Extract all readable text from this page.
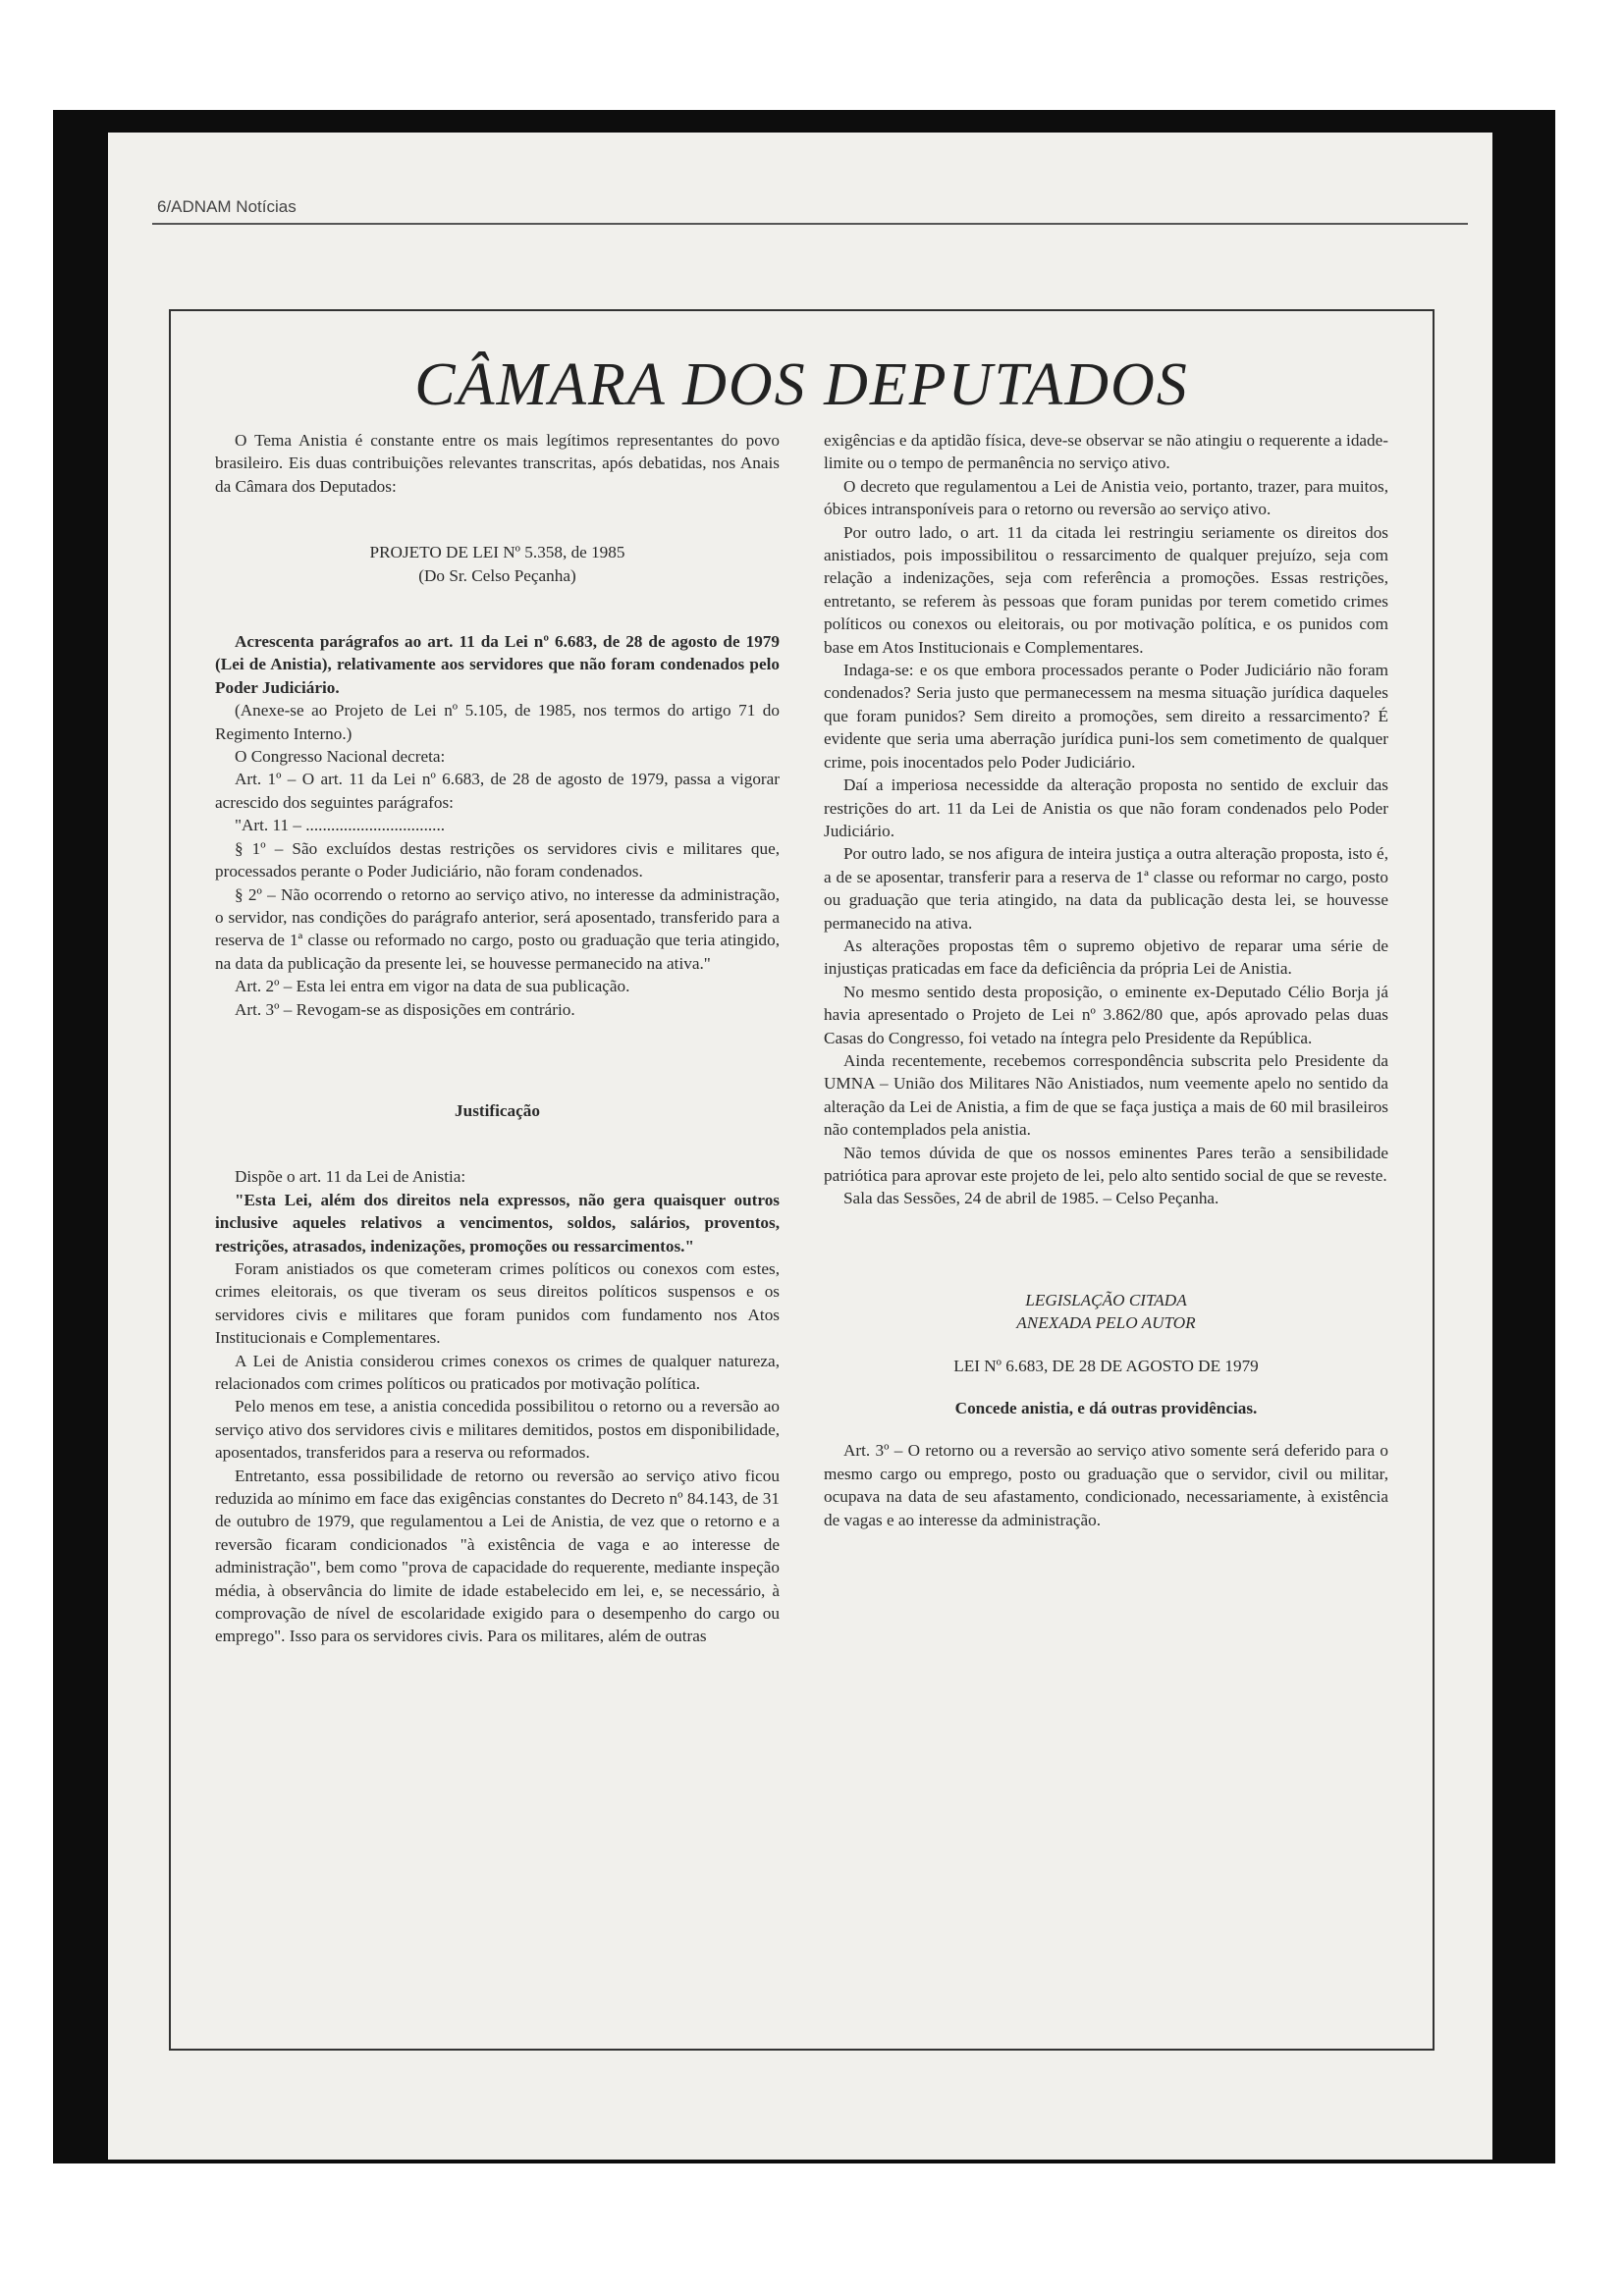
6/ADNAM Notícias
CÂMARA DOS DEPUTADOS

O Tema Anistia é constante entre os mais legítimos representantes do povo brasileiro. Eis duas contribuições relevantes transcritas, após debatidas, nos Anais da Câmara dos Deputados:

PROJETO DE LEI Nº 5.358, de 1985

(Do Sr. Celso Peçanha)

Acrescenta parágrafos ao art. 11 da Lei nº 6.683, de 28 de agosto de 1979 (Lei de Anistia), relativamente aos servidores que não foram condenados pelo Poder Judiciário.

(Anexe-se ao Projeto de Lei nº 5.105, de 1985, nos termos do artigo 71 do Regimento Interno.)

O Congresso Nacional decreta:

Art. 1º – O art. 11 da Lei nº 6.683, de 28 de agosto de 1979, passa a vigorar acrescido dos seguintes parágrafos:

"Art. 11 – .................................

§ 1º – São excluídos destas restrições os servidores civis e militares que, processados perante o Poder Judiciário, não foram condenados.

§ 2º – Não ocorrendo o retorno ao serviço ativo, no interesse da administração, o servidor, nas condições do parágrafo anterior, será aposentado, transferido para a reserva de 1ª classe ou reformado no cargo, posto ou graduação que teria atingido, na data da publicação da presente lei, se houvesse permanecido na ativa."

Art. 2º – Esta lei entra em vigor na data de sua publicação.

Art. 3º – Revogam-se as disposições em contrário.

Justificação

Dispõe o art. 11 da Lei de Anistia:

"Esta Lei, além dos direitos nela expressos, não gera quaisquer outros inclusive aqueles relativos a vencimentos, soldos, salários, proventos, restrições, atrasados, indenizações, promoções ou ressarcimentos."

Foram anistiados os que cometeram crimes políticos ou conexos com estes, crimes eleitorais, os que tiveram os seus direitos políticos suspensos e os servidores civis e militares que foram punidos com fundamento nos Atos Institucionais e Complementares.

A Lei de Anistia considerou crimes conexos os crimes de qualquer natureza, relacionados com crimes políticos ou praticados por motivação política.

Pelo menos em tese, a anistia concedida possibilitou o retorno ou a reversão ao serviço ativo dos servidores civis e militares demitidos, postos em disponibilidade, aposentados, transferidos para a reserva ou reformados.

Entretanto, essa possibilidade de retorno ou reversão ao serviço ativo ficou reduzida ao mínimo em face das exigências constantes do Decreto nº 84.143, de 31 de outubro de 1979, que regulamentou a Lei de Anistia, de vez que o retorno e a reversão ficaram condicionados "à existência de vaga e ao interesse de administração", bem como "prova de capacidade do requerente, mediante inspeção média, à observância do limite de idade estabelecido em lei, e, se necessário, à comprovação de nível de escolaridade exigido para o desempenho do cargo ou emprego". Isso para os servidores civis. Para os militares, além de outras

exigências e da aptidão física, deve-se observar se não atingiu o requerente a idade-limite ou o tempo de permanência no serviço ativo.

O decreto que regulamentou a Lei de Anistia veio, portanto, trazer, para muitos, óbices intransponíveis para o retorno ou reversão ao serviço ativo.

Por outro lado, o art. 11 da citada lei restringiu seriamente os direitos dos anistiados, pois impossibilitou o ressarcimento de qualquer prejuízo, seja com relação a indenizações, seja com referência a promoções. Essas restrições, entretanto, se referem às pessoas que foram punidas por terem cometido crimes políticos ou conexos ou eleitorais, ou por motivação política, e os punidos com base em Atos Institucionais e Complementares.

Indaga-se: e os que embora processados perante o Poder Judiciário não foram condenados? Seria justo que permanecessem na mesma situação jurídica daqueles que foram punidos? Sem direito a promoções, sem direito a ressarcimento? É evidente que seria uma aberração jurídica puni-los sem cometimento de qualquer crime, pois inocentados pelo Poder Judiciário.

Daí a imperiosa necessidde da alteração proposta no sentido de excluir das restrições do art. 11 da Lei de Anistia os que não foram condenados pelo Poder Judiciário.

Por outro lado, se nos afigura de inteira justiça a outra alteração proposta, isto é, a de se aposentar, transferir para a reserva de 1ª classe ou reformar no cargo, posto ou graduação que teria atingido, na data da publicação desta lei, se houvesse permanecido na ativa.

As alterações propostas têm o supremo objetivo de reparar uma série de injustiças praticadas em face da deficiência da própria Lei de Anistia.

No mesmo sentido desta proposição, o eminente ex-Deputado Célio Borja já havia apresentado o Projeto de Lei nº 3.862/80 que, após aprovado pelas duas Casas do Congresso, foi vetado na íntegra pelo Presidente da República.

Ainda recentemente, recebemos correspondência subscrita pelo Presidente da UMNA – União dos Militares Não Anistiados, num veemente apelo no sentido da alteração da Lei de Anistia, a fim de que se faça justiça a mais de 60 mil brasileiros não contemplados pela anistia.

Não temos dúvida de que os nossos eminentes Pares terão a sensibilidade patriótica para aprovar este projeto de lei, pelo alto sentido social de que se reveste.

Sala das Sessões, 24 de abril de 1985. – Celso Peçanha.

LEGISLAÇÃO CITADA

ANEXADA PELO AUTOR

LEI Nº 6.683, DE 28 DE AGOSTO DE 1979

Concede anistia, e dá outras providências.

Art. 3º – O retorno ou a reversão ao serviço ativo somente será deferido para o mesmo cargo ou emprego, posto ou graduação que o servidor, civil ou militar, ocupava na data de seu afastamento, condicionado, necessariamente, à existência de vagas e ao interesse da administração.
